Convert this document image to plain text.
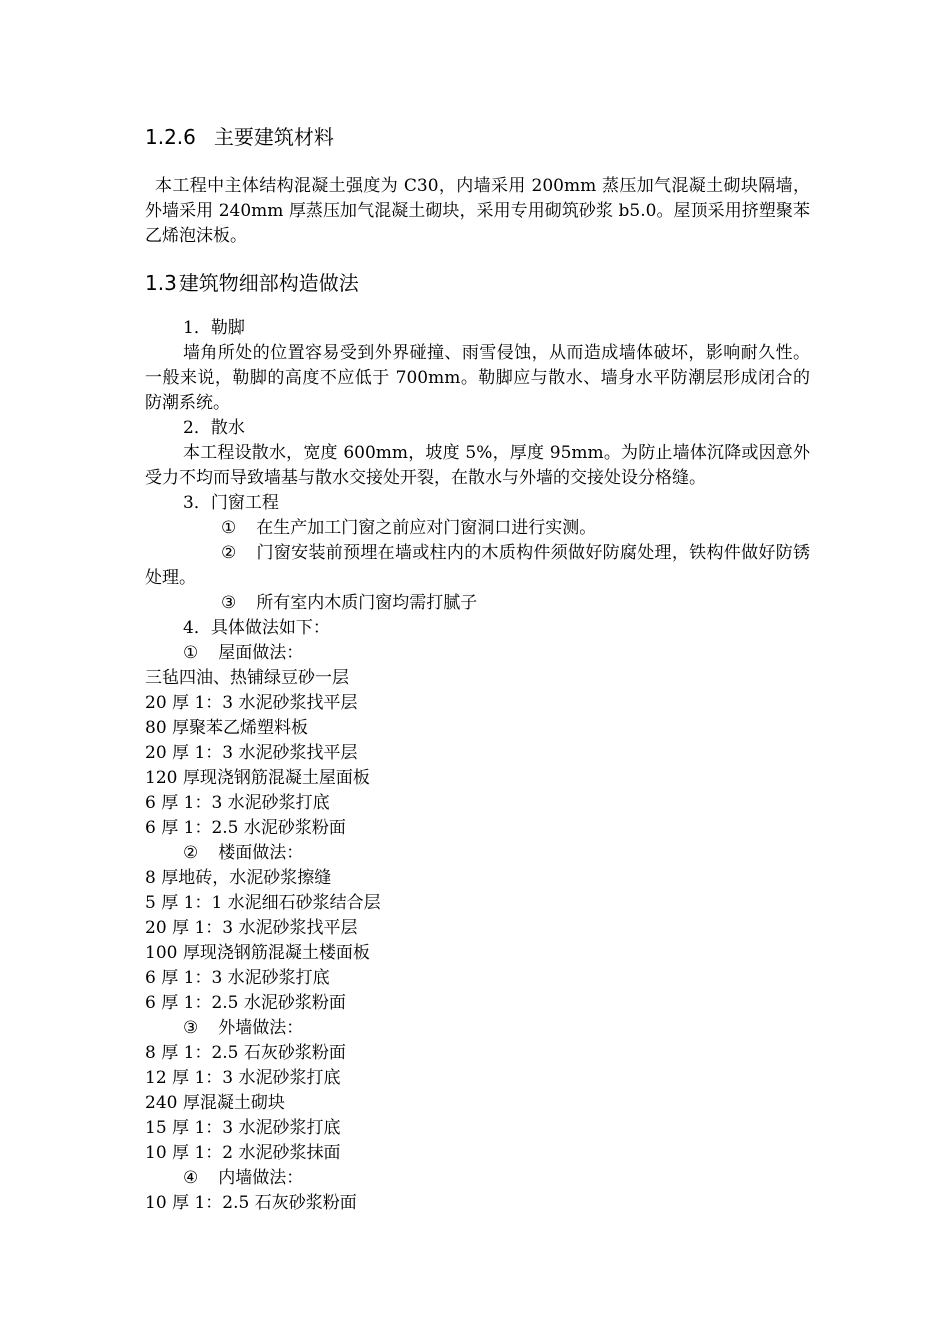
1.2.6 主要建筑材料

本工程中主体结构混凝土强度为 C30，内墙采用 200mm 蒸压加气混凝土砌块隔墙，外墙采用 240mm 厚蒸压加气混凝土砌块，采用专用砌筑砂浆 b5.0。屋顶采用挤塑聚苯乙烯泡沫板。

1.3 建筑物细部构造做法

1．勒脚

墙角所处的位置容易受到外界碰撞、雨雪侵蚀，从而造成墙体破坏，影响耐久性。一般来说，勒脚的高度不应低于 700mm。勒脚应与散水、墙身水平防潮层形成闭合的防潮系统。

2．散水

本工程设散水，宽度 600mm，坡度 5%，厚度 95mm。为防止墙体沉降或因意外受力不均而导致墙基与散水交接处开裂，在散水与外墙的交接处设分格缝。

3．门窗工程

① 在生产加工门窗之前应对门窗洞口进行实测。

② 门窗安装前预埋在墙或柱内的木质构件须做好防腐处理，铁构件做好防锈处理。

③ 所有室内木质门窗均需打腻子

4．具体做法如下：

① 屋面做法：

三毡四油、热铺绿豆砂一层

20 厚 1：3 水泥砂浆找平层

80 厚聚苯乙烯塑料板

20 厚 1：3 水泥砂浆找平层

120 厚现浇钢筋混凝土屋面板

6 厚 1：3 水泥砂浆打底

6 厚 1：2.5 水泥砂浆粉面

② 楼面做法：

8 厚地砖，水泥砂浆擦缝

5 厚 1：1 水泥细石砂浆结合层

20 厚 1：3 水泥砂浆找平层

100 厚现浇钢筋混凝土楼面板

6 厚 1：3 水泥砂浆打底

6 厚 1：2.5 水泥砂浆粉面

③ 外墙做法：

8 厚 1：2.5 石灰砂浆粉面

12 厚 1：3 水泥砂浆打底

240 厚混凝土砌块

15 厚 1：3 水泥砂浆打底

10 厚 1：2 水泥砂浆抹面

④ 内墙做法：

10 厚 1：2.5 石灰砂浆粉面
